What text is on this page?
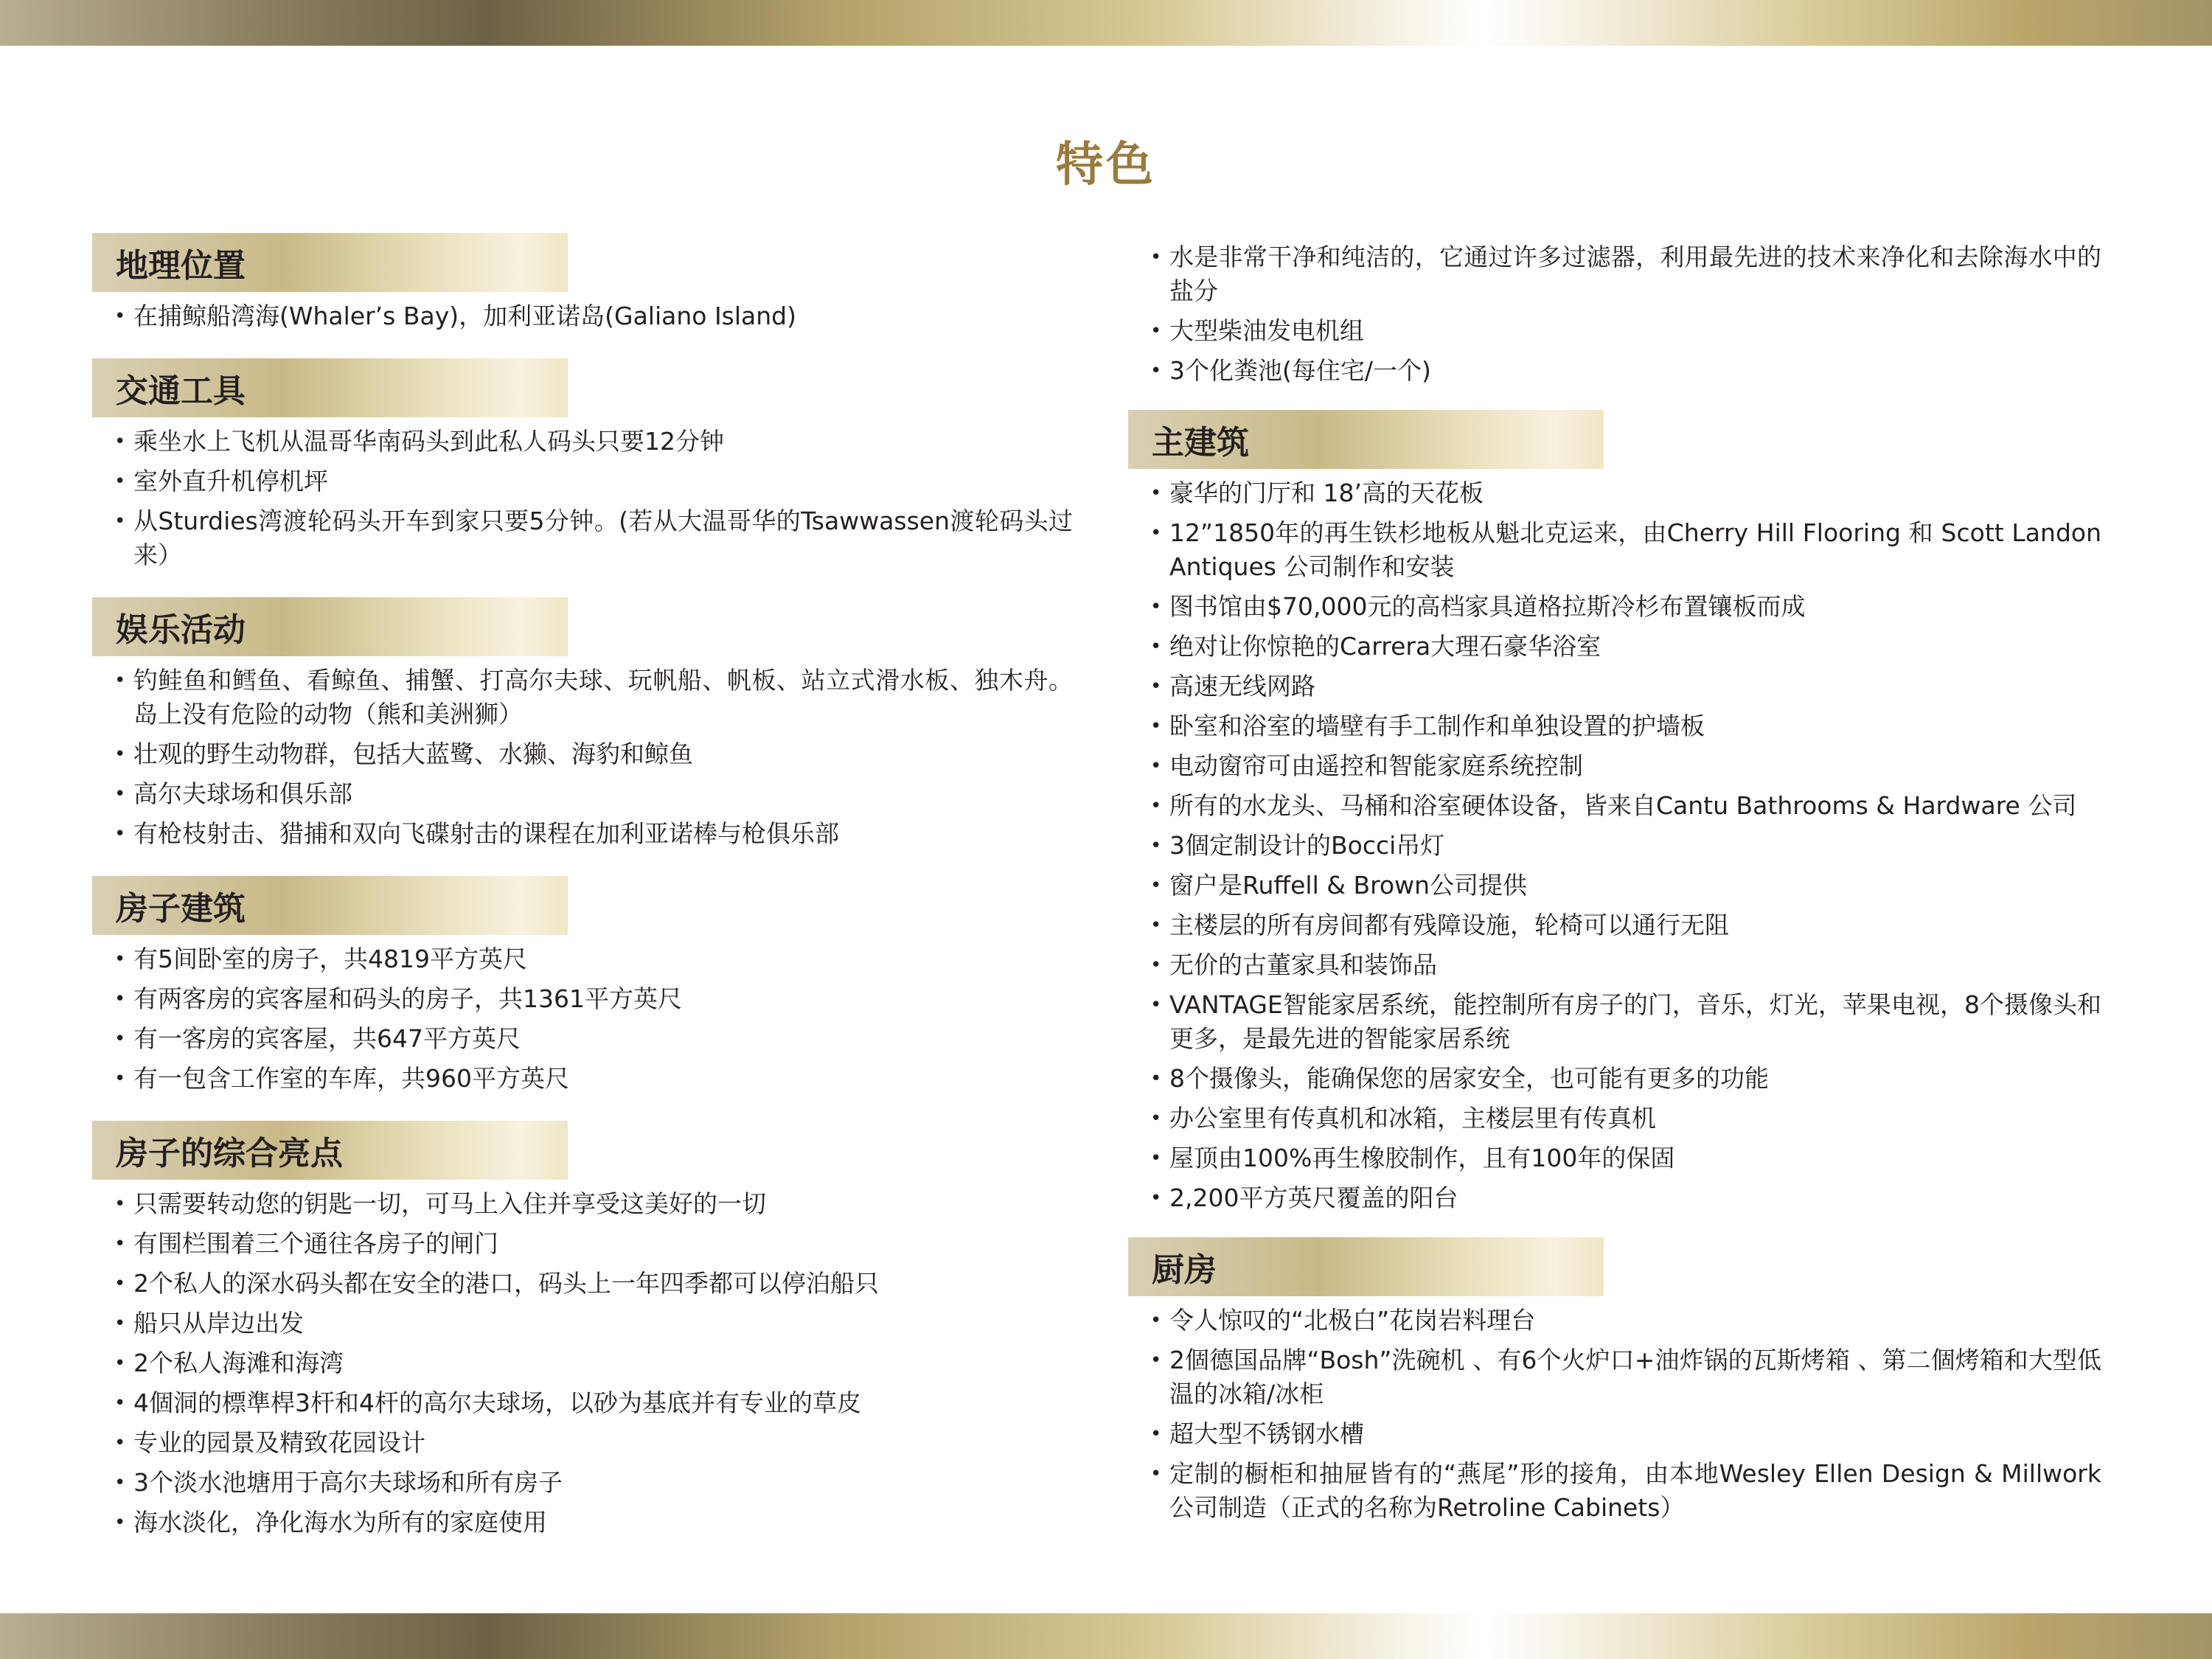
特色
地理位置
• 在捕鲸船湾海(Whaler’s Bay)，加利亚诺岛(Galiano Island)
交通工具
• 乘坐水上飞机从温哥华南码头到此私人码头只要12分钟
• 室外直升机停机坪
• 从Sturdies湾渡轮码头开车到家只要5分钟。(若从大温哥华的Tsawwassen渡轮码头过来）
娱乐活动
• 钓鲑鱼和鳕鱼、看鲸鱼、捕蟹、打高尔夫球、玩帆船、帆板、站立式滑水板、独木舟。岛上没有危险的动物（熊和美洲狮）
• 壮观的野生动物群，包括大蓝鹭、水獭、海豹和鲸鱼
• 高尔夫球场和俱乐部
• 有枪枝射击、猎捕和双向飞碟射击的课程在加利亚诺棒与枪俱乐部
房子建筑
• 有5间卧室的房子，共4819平方英尺
• 有两客房的宾客屋和码头的房子，共1361平方英尺
• 有一客房的宾客屋，共647平方英尺
• 有一包含工作室的车库，共960平方英尺
房子的综合亮点
• 只需要转动您的钥匙一切，可马上入住并享受这美好的一切
• 有围栏围着三个通往各房子的闸门
• 2个私人的深水码头都在安全的港口，码头上一年四季都可以停泊船只
• 船只从岸边出发
• 2个私人海滩和海湾
• 4個洞的標準桿3杆和4杆的高尔夫球场，以砂为基底并有专业的草皮
• 专业的园景及精致花园设计
• 3个淡水池塘用于高尔夫球场和所有房子
• 海水淡化，净化海水为所有的家庭使用
• 水是非常干净和纯洁的，它通过许多过滤器，利用最先进的技术来净化和去除海水中的盐分
• 大型柴油发电机组
• 3个化粪池(每住宅/一个)
主建筑
• 豪华的门厅和 18’高的天花板
• 12”1850年的再生铁杉地板从魁北克运来，由Cherry Hill Flooring 和 Scott Landon Antiques 公司制作和安装
• 图书馆由$70,000元的高档家具道格拉斯冷杉布置镶板而成
• 绝对让你惊艳的Carrera大理石豪华浴室
• 高速无线网路
• 卧室和浴室的墙壁有手工制作和单独设置的护墙板
• 电动窗帘可由遥控和智能家庭系统控制
• 所有的水龙头、马桶和浴室硬体设备，皆来自Cantu Bathrooms & Hardware 公司
• 3個定制设计的Bocci吊灯
• 窗户是Ruffell & Brown公司提供
• 主楼层的所有房间都有残障设施，轮椅可以通行无阻
• 无价的古董家具和装饰品
• VANTAGE智能家居系统，能控制所有房子的门，音乐，灯光，苹果电视，8个摄像头和更多，是最先进的智能家居系统
• 8个摄像头，能确保您的居家安全，也可能有更多的功能
• 办公室里有传真机和冰箱，主楼层里有传真机
• 屋顶由100%再生橡胶制作，且有100年的保固
• 2,200平方英尺覆盖的阳台
厨房
• 令人惊叹的“北极白”花岗岩料理台
• 2個德国品牌“Bosh”洗碗机 、有6个火炉口+油炸锅的瓦斯烤箱 、第二個烤箱和大型低温的冰箱/冰柜
• 超大型不锈钢水槽
• 定制的橱柜和抽屉皆有的“燕尾”形的接角，由本地Wesley Ellen Design & Millwork公司制造（正式的名称为Retroline Cabinets）
